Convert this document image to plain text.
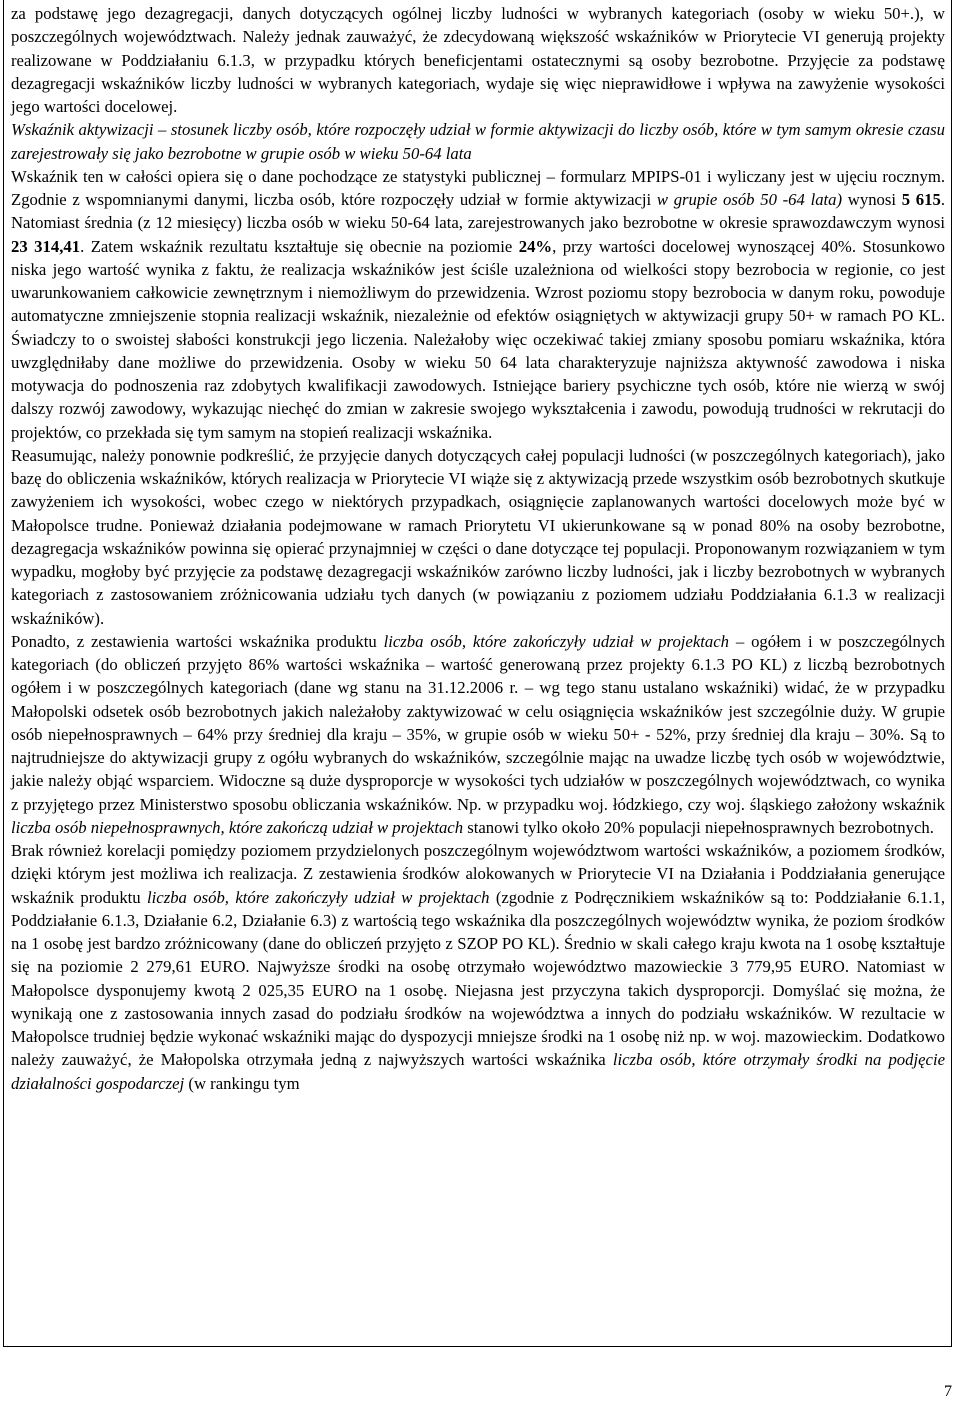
za podstawę jego dezagregacji, danych dotyczących ogólnej liczby ludności w wybranych kategoriach (osoby w wieku 50+.), w poszczególnych województwach. Należy jednak zauważyć, że zdecydowaną większość wskaźników w Priorytecie VI generują projekty realizowane w Poddziałaniu 6.1.3, w przypadku których beneficjentami ostatecznymi są osoby bezrobotne. Przyjęcie za podstawę dezagregacji wskaźników liczby ludności w wybranych kategoriach, wydaje się więc nieprawidłowe i wpływa na zawyżenie wysokości jego wartości docelowej.
Wskaźnik aktywizacji – stosunek liczby osób, które rozpoczęły udział w formie aktywizacji do liczby osób, które w tym samym okresie czasu zarejestrowały się jako bezrobotne w grupie osób w wieku 50-64 lata
Wskaźnik ten w całości opiera się o dane pochodzące ze statystyki publicznej – formularz MPIPS-01 i wyliczany jest w ujęciu rocznym. Zgodnie z wspomnianymi danymi, liczba osób, które rozpoczęły udział w formie aktywizacji w grupie osób 50 -64 lata) wynosi 5 615. Natomiast średnia (z 12 miesięcy) liczba osób w wieku 50-64 lata, zarejestrowanych jako bezrobotne w okresie sprawozdawczym wynosi 23 314,41. Zatem wskaźnik rezultatu kształtuje się obecnie na poziomie 24%, przy wartości docelowej wynoszącej 40%. Stosunkowo niska jego wartość wynika z faktu, że realizacja wskaźników jest ściśle uzależniona od wielkości stopy bezrobocia w regionie, co jest uwarunkowaniem całkowicie zewnętrznym i niemożliwym do przewidzenia. Wzrost poziomu stopy bezrobocia w danym roku, powoduje automatyczne zmniejszenie stopnia realizacji wskaźnik, niezależnie od efektów osiągniętych w aktywizacji grupy 50+ w ramach PO KL. Świadczy to o swoistej słabości konstrukcji jego liczenia. Należałoby więc oczekiwać takiej zmiany sposobu pomiaru wskaźnika, która uwzględniłaby dane możliwe do przewidzenia. Osoby w wieku 50 64 lata charakteryzuje najniższa aktywność zawodowa i niska motywacja do podnoszenia raz zdobytych kwalifikacji zawodowych. Istniejące bariery psychiczne tych osób, które nie wierzą w swój dalszy rozwój zawodowy, wykazując niechęć do zmian w zakresie swojego wykształcenia i zawodu, powodują trudności w rekrutacji do projektów, co przekłada się tym samym na stopień realizacji wskaźnika.
Reasumując, należy ponownie podkreślić, że przyjęcie danych dotyczących całej populacji ludności (w poszczególnych kategoriach), jako bazę do obliczenia wskaźników, których realizacja w Priorytecie VI wiąże się z aktywizacją przede wszystkim osób bezrobotnych skutkuje zawyżeniem ich wysokości, wobec czego w niektórych przypadkach, osiągnięcie zaplanowanych wartości docelowych może być w Małopolsce trudne. Ponieważ działania podejmowane w ramach Priorytetu VI ukierunkowane są w ponad 80% na osoby bezrobotne, dezagregacja wskaźników powinna się opierać przynajmniej w części o dane dotyczące tej populacji. Proponowanym rozwiązaniem w tym wypadku, mogłoby być przyjęcie za podstawę dezagregacji wskaźników zarówno liczby ludności, jak i liczby bezrobotnych w wybranych kategoriach z zastosowaniem zróżnicowania udziału tych danych (w powiązaniu z poziomem udziału Poddziałania 6.1.3 w realizacji wskaźników).
Ponadto, z zestawienia wartości wskaźnika produktu liczba osób, które zakończyły udział w projektach – ogółem i w poszczególnych kategoriach (do obliczeń przyjęto 86% wartości wskaźnika – wartość generowaną przez projekty 6.1.3 PO KL) z liczbą bezrobotnych ogółem i w poszczególnych kategoriach (dane wg stanu na 31.12.2006 r. – wg tego stanu ustalano wskaźniki) widać, że w przypadku Małopolski odsetek osób bezrobotnych jakich należałoby zaktywizować w celu osiągnięcia wskaźników jest szczególnie duży. W grupie osób niepełnosprawnych – 64% przy średniej dla kraju – 35%, w grupie osób w wieku 50+ - 52%, przy średniej dla kraju – 30%. Są to najtrudniejsze do aktywizacji grupy z ogółu wybranych do wskaźników, szczególnie mając na uwadze liczbę tych osób w województwie, jakie należy objąć wsparciem. Widoczne są duże dysproporcje w wysokości tych udziałów w poszczególnych województwach, co wynika z przyjętego przez Ministerstwo sposobu obliczania wskaźników. Np. w przypadku woj. łódzkiego, czy woj. śląskiego założony wskaźnik liczba osób niepełnosprawnych, które zakończą udział w projektach stanowi tylko około 20% populacji niepełnosprawnych bezrobotnych.
Brak również korelacji pomiędzy poziomem przydzielonych poszczególnym województwom wartości wskaźników, a poziomem środków, dzięki którym jest możliwa ich realizacja. Z zestawienia środków alokowanych w Priorytecie VI na Działania i Poddziałania generujące wskaźnik produktu liczba osób, które zakończyły udział w projektach (zgodnie z Podręcznikiem wskaźników są to: Poddziałanie 6.1.1, Poddziałanie 6.1.3, Działanie 6.2, Działanie 6.3) z wartością tego wskaźnika dla poszczególnych województw wynika, że poziom środków na 1 osobę jest bardzo zróżnicowany (dane do obliczeń przyjęto z SZOP PO KL). Średnio w skali całego kraju kwota na 1 osobę kształtuje się na poziomie 2 279,61 EURO. Najwyższe środki na osobę otrzymało województwo mazowieckie 3 779,95 EURO. Natomiast w Małopolsce dysponujemy kwotą 2 025,35 EURO na 1 osobę. Niejasna jest przyczyna takich dysproporcji. Domyślać się można, że wynikają one z zastosowania innych zasad do podziału środków na województwa a innych do podziału wskaźników. W rezultacie w Małopolsce trudniej będzie wykonać wskaźniki mając do dyspozycji mniejsze środki na 1 osobę niż np. w woj. mazowieckim. Dodatkowo należy zauważyć, że Małopolska otrzymała jedną z najwyższych wartości wskaźnika liczba osób, które otrzymały środki na podjęcie działalności gospodarczej (w rankingu tym
7
